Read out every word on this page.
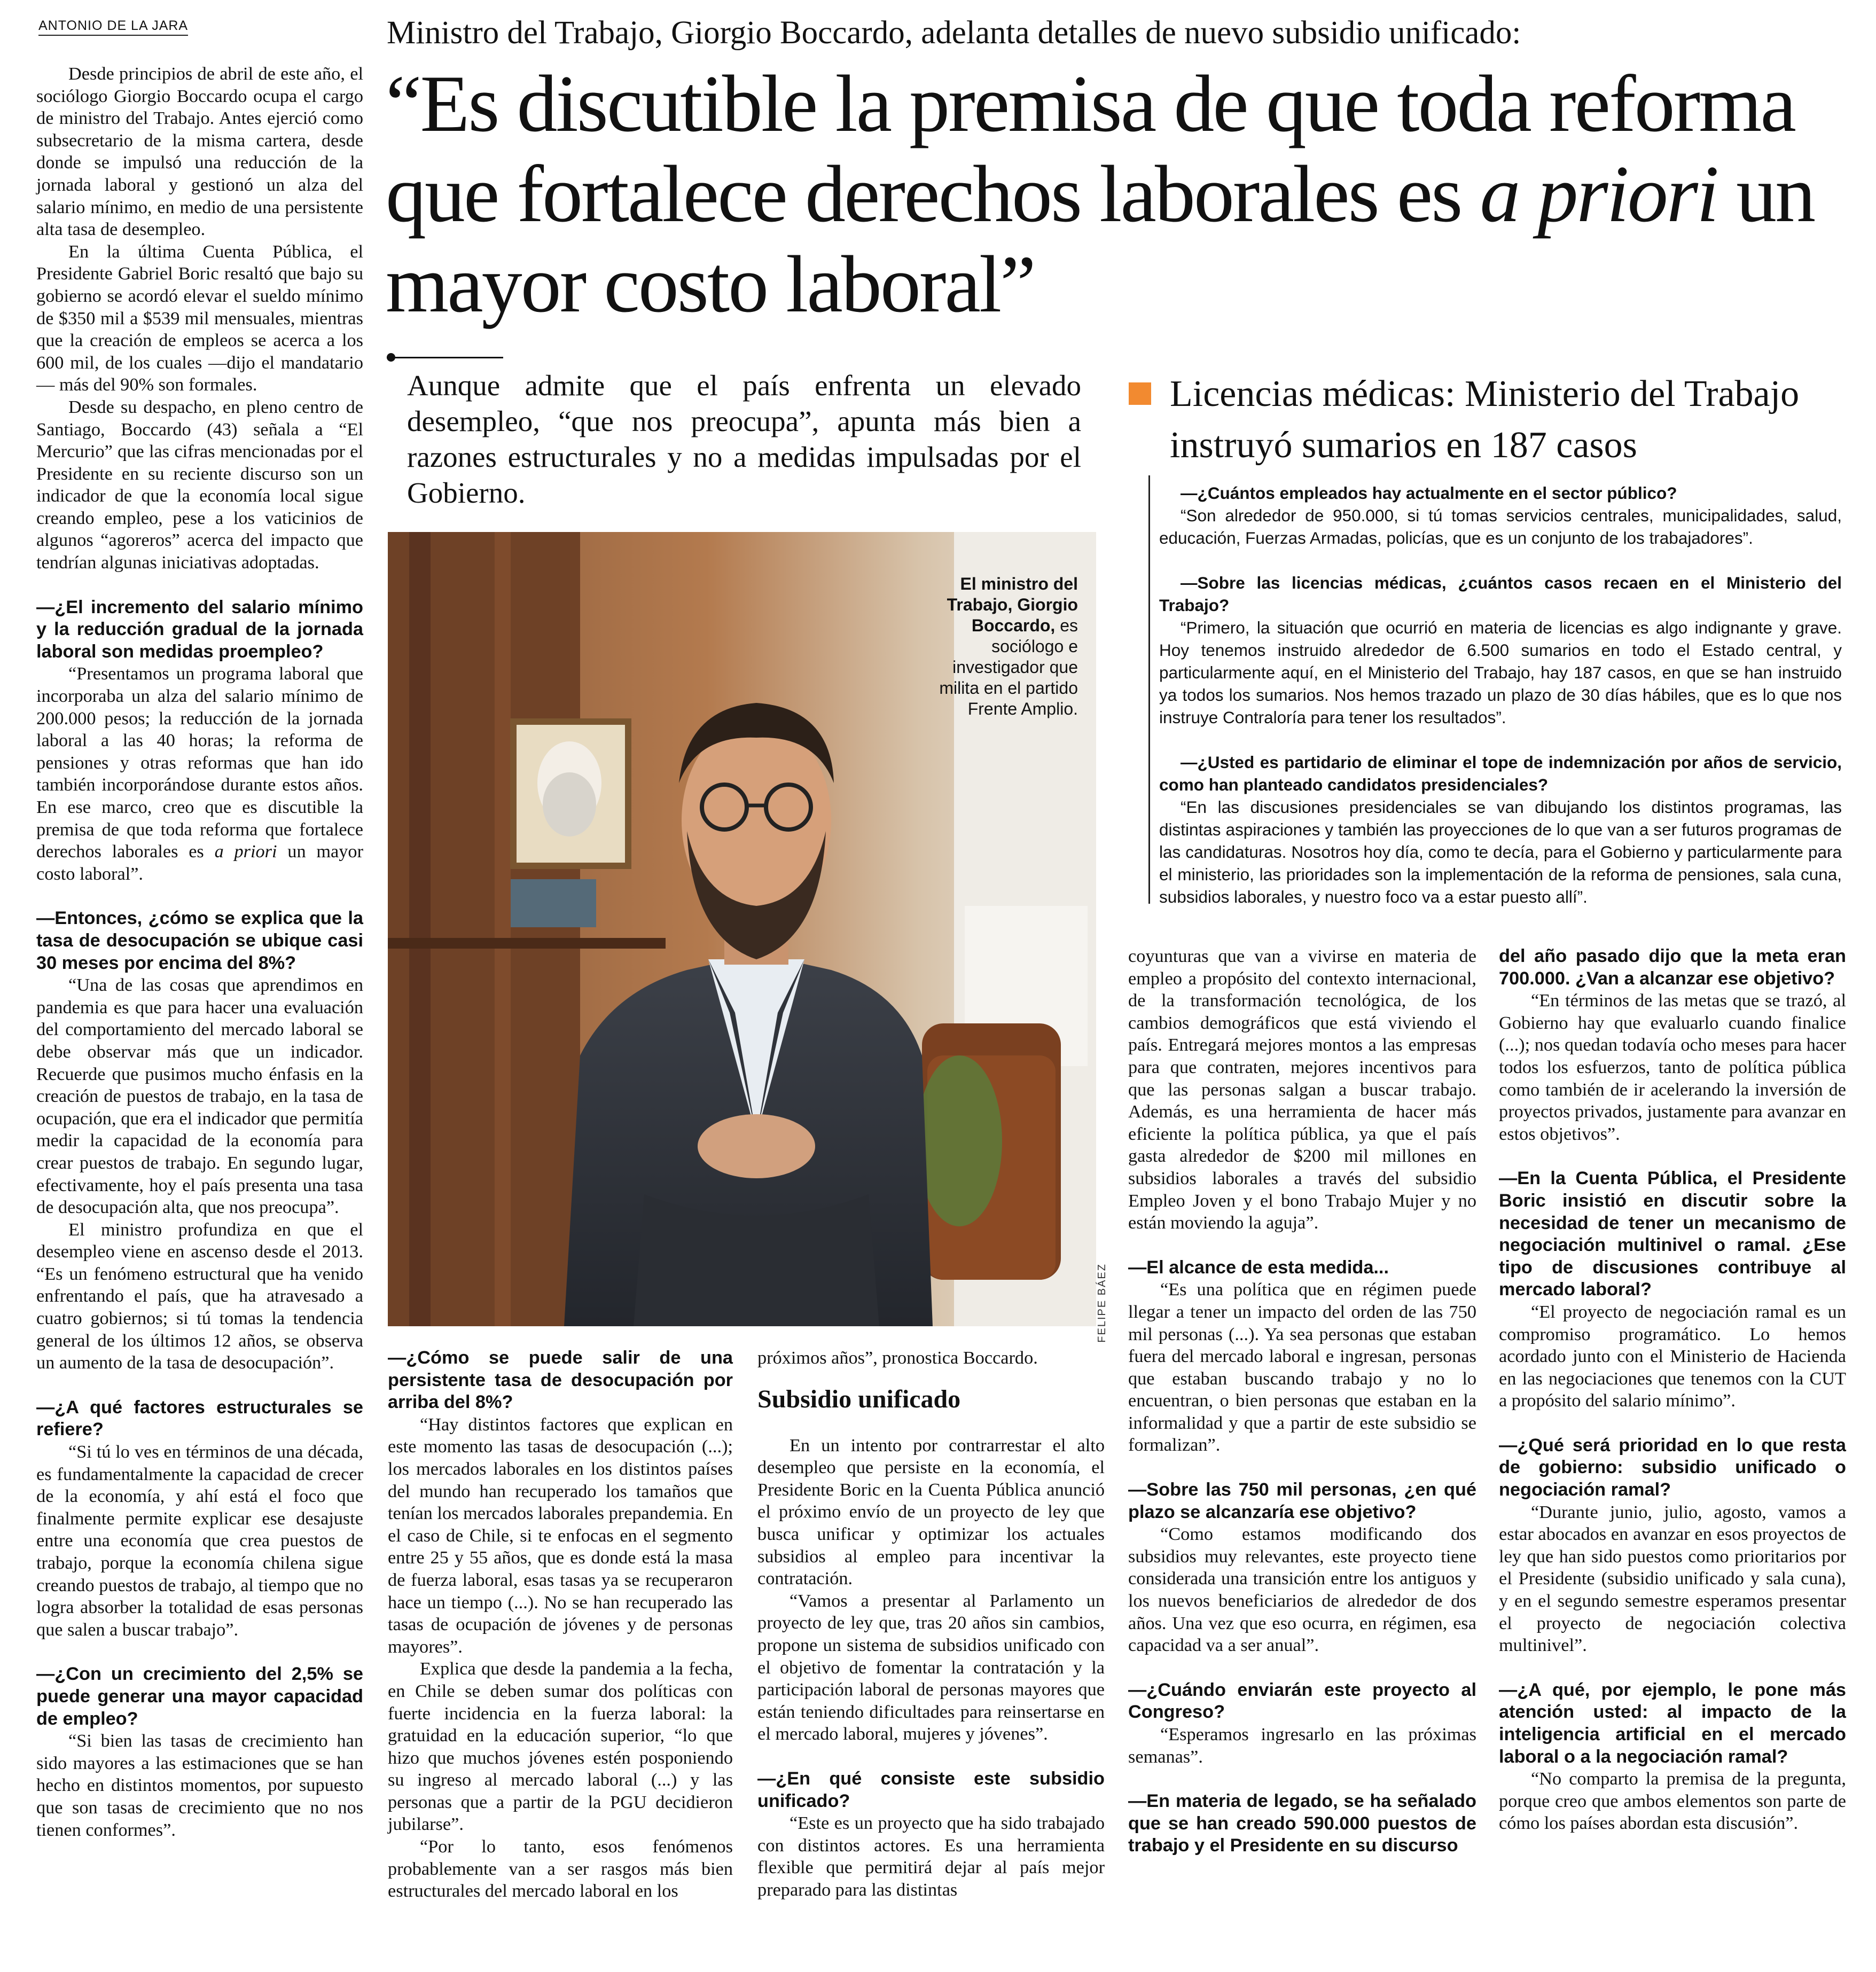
ANTONIO DE LA JARA	Ministro del Trabajo, Giorgio Boccardo, adelanta detalles de nuevo subsidio unificado:
“Es discutible la premisa de que toda reforma que fortalece derechos laborales es a priori un mayor costo laboral”
Aunque admite que el país enfrenta un elevado desempleo, “que nos preocupa”, apunta más bien a razones estructurales y no a medidas impulsadas por el Gobierno.
FELIPE BÁEZ
El ministro del Trabajo, Giorgio Boccardo, es sociólogo e investigador que milita en el partido Frente Amplio.
Licencias médicas: Ministerio del Trabajo instruyó sumarios en 187 casos

—¿Cuántos empleados hay actualmente en el sector público?

“Son alrededor de 950.000, si tú tomas servicios centrales, municipalidades, salud, educación, Fuerzas Armadas, policías, que es un conjunto de los trabajadores”.

—Sobre las licencias médicas, ¿cuántos casos recaen en el Ministerio del Trabajo?

“Primero, la situación que ocurrió en materia de licencias es algo indignante y grave. Hoy tenemos instruido alrededor de 6.500 sumarios en todo el Estado central, y particularmente aquí, en el Ministerio del Trabajo, hay 187 casos, en que se han instruido ya todos los sumarios. Nos hemos trazado un plazo de 30 días hábiles, que es lo que nos instruye Contraloría para tener los resultados”.

—¿Usted es partidario de eliminar el tope de indemnización por años de servicio, como han planteado candidatos presidenciales?

“En las discusiones presidenciales se van dibujando los distintos programas, las distintas aspiraciones y también las proyecciones de lo que van a ser futuros programas de las candidaturas. Nosotros hoy día, como te decía, para el Gobierno y particularmente para el ministerio, las prioridades son la implementación de la reforma de pensiones, sala cuna, subsidios laborales, y nuestro foco va a estar puesto allí”.

Desde principios de abril de este año, el sociólogo Giorgio Boccardo ocupa el cargo de ministro del Trabajo. Antes ejerció como subsecretario de la misma cartera, desde donde se impulsó una reducción de la jornada laboral y gestionó un alza del salario mínimo, en medio de una persistente alta tasa de desempleo.

En la última Cuenta Pública, el Presidente Gabriel Boric resaltó que bajo su gobierno se acordó elevar el sueldo mínimo de $350 mil a $539 mil mensuales, mientras que la creación de empleos se acerca a los 600 mil, de los cuales —dijo el mandatario— más del 90% son formales.

Desde su despacho, en pleno centro de Santiago, Boccardo (43) señala a “El Mercurio” que las cifras mencionadas por el Presidente en su reciente discurso son un indicador de que la economía local sigue creando empleo, pese a los vaticinios de algunos “agoreros” acerca del impacto que tendrían algunas iniciativas adoptadas.

—¿El incremento del salario mínimo y la reducción gradual de la jornada laboral son medidas proempleo?

“Presentamos un programa laboral que incorporaba un alza del salario mínimo de 200.000 pesos; la reducción de la jornada laboral a las 40 horas; la reforma de pensiones y otras reformas que han ido también incorporándose durante estos años. En ese marco, creo que es discutible la premisa de que toda reforma que fortalece derechos laborales es a priori un mayor costo laboral”.

—Entonces, ¿cómo se explica que la tasa de desocupación se ubique casi 30 meses por encima del 8%?

“Una de las cosas que aprendimos en pandemia es que para hacer una evaluación del comportamiento del mercado laboral se debe observar más que un indicador. Recuerde que pusimos mucho énfasis en la creación de puestos de trabajo, en la tasa de ocupación, que era el indicador que permitía medir la capacidad de la economía para crear puestos de trabajo. En segundo lugar, efectivamente, hoy el país presenta una tasa de desocupación alta, que nos preocupa”.

El ministro profundiza en que el desempleo viene en ascenso desde el 2013. “Es un fenómeno estructural que ha venido enfrentando el país, que ha atravesado a cuatro gobiernos; si tú tomas la tendencia general de los últimos 12 años, se observa un aumento de la tasa de desocupación”.

—¿A qué factores estructurales se refiere?

“Si tú lo ves en términos de una década, es fundamentalmente la capacidad de crecer de la economía, y ahí está el foco que finalmente permite explicar ese desajuste entre una economía que crea puestos de trabajo, porque la economía chilena sigue creando puestos de trabajo, al tiempo que no logra absorber la totalidad de esas personas que salen a buscar trabajo”.

—¿Con un crecimiento del 2,5% se puede generar una mayor capacidad de empleo?

“Si bien las tasas de crecimiento han sido mayores a las estimaciones que se han hecho en distintos momentos, por supuesto que son tasas de crecimiento que no nos tienen conformes”.

—¿Cómo se puede salir de una persistente tasa de desocupación por arriba del 8%?

“Hay distintos factores que explican en este momento las tasas de desocupación (...); los mercados laborales en los distintos países del mundo han recuperado los tamaños que tenían los mercados laborales prepandemia. En el caso de Chile, si te enfocas en el segmento entre 25 y 55 años, que es donde está la masa de fuerza laboral, esas tasas ya se recuperaron hace un tiempo (...). No se han recuperado las tasas de ocupación de jóvenes y de personas mayores”.

Explica que desde la pandemia a la fecha, en Chile se deben sumar dos políticas con fuerte incidencia en la fuerza laboral: la gratuidad en la educación superior, “lo que hizo que muchos jóvenes estén posponiendo su ingreso al mercado laboral (...) y las personas que a partir de la PGU decidieron jubilarse”.

“Por lo tanto, esos fenómenos probablemente van a ser rasgos más bien estructurales del mercado laboral en los

próximos años”, pronostica Boccardo.

Subsidio unificado

En un intento por contrarrestar el alto desempleo que persiste en la economía, el Presidente Boric en la Cuenta Pública anunció el próximo envío de un proyecto de ley que busca unificar y optimizar los actuales subsidios al empleo para incentivar la contratación.

“Vamos a presentar al Parlamento un proyecto de ley que, tras 20 años sin cambios, propone un sistema de subsidios unificado con el objetivo de fomentar la contratación y la participación laboral de personas mayores que están teniendo dificultades para reinsertarse en el mercado laboral, mujeres y jóvenes”.

—¿En qué consiste este subsidio unificado?

“Este es un proyecto que ha sido trabajado con distintos actores. Es una herramienta flexible que permitirá dejar al país mejor preparado para las distintas

coyunturas que van a vivirse en materia de empleo a propósito del contexto internacional, de la transformación tecnológica, de los cambios demográficos que está viviendo el país. Entregará mejores montos a las empresas para que contraten, mejores incentivos para que las personas salgan a buscar trabajo. Además, es una herramienta de hacer más eficiente la política pública, ya que el país gasta alrededor de $200 mil millones en subsidios laborales a través del subsidio Empleo Joven y el bono Trabajo Mujer y no están moviendo la aguja”.

—El alcance de esta medida...

“Es una política que en régimen puede llegar a tener un impacto del orden de las 750 mil personas (...). Ya sea personas que estaban fuera del mercado laboral e ingresan, personas que estaban buscando trabajo y no lo encuentran, o bien personas que estaban en la informalidad y que a partir de este subsidio se formalizan”.

—Sobre las 750 mil personas, ¿en qué plazo se alcanzaría ese objetivo?

“Como estamos modificando dos subsidios muy relevantes, este proyecto tiene considerada una transición entre los antiguos y los nuevos beneficiarios de alrededor de dos años. Una vez que eso ocurra, en régimen, esa capacidad va a ser anual”.

—¿Cuándo enviarán este proyecto al Congreso?

“Esperamos ingresarlo en las próximas semanas”.

—En materia de legado, se ha señalado que se han creado 590.000 puestos de trabajo y el Presidente en su discurso

del año pasado dijo que la meta eran 700.000. ¿Van a alcanzar ese objetivo?

“En términos de las metas que se trazó, al Gobierno hay que evaluarlo cuando finalice (...); nos quedan todavía ocho meses para hacer todos los esfuerzos, tanto de política pública como también de ir acelerando la inversión de proyectos privados, justamente para avanzar en estos objetivos”.

—En la Cuenta Pública, el Presidente Boric insistió en discutir sobre la necesidad de tener un mecanismo de negociación multinivel o ramal. ¿Ese tipo de discusiones contribuye al mercado laboral?

“El proyecto de negociación ramal es un compromiso programático. Lo hemos acordado junto con el Ministerio de Hacienda en las negociaciones que tenemos con la CUT a propósito del salario mínimo”.

—¿Qué será prioridad en lo que resta de gobierno: subsidio unificado o negociación ramal?

“Durante junio, julio, agosto, vamos a estar abocados en avanzar en esos proyectos de ley que han sido puestos como prioritarios por el Presidente (subsidio unificado y sala cuna), y en el segundo semestre esperamos presentar el proyecto de negociación colectiva multinivel”.

—¿A qué, por ejemplo, le pone más atención usted: al impacto de la inteligencia artificial en el mercado laboral o a la negociación ramal?

“No comparto la premisa de la pregunta, porque creo que ambos elementos son parte de cómo los países abordan esta discusión”.
